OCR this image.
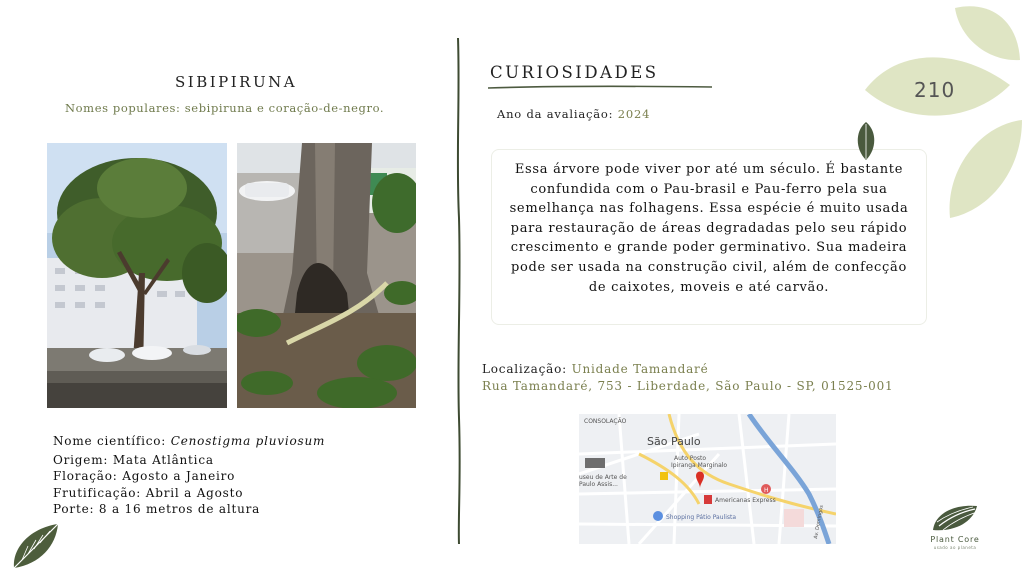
SIBIPIRUNA
Nomes populares: sebipiruna e coração-de-negro.
Nome científico: Cenostigma pluviosum
Origem: Mata Atlântica
Floração: Agosto a Janeiro
Frutificação: Abril a Agosto
Porte: 8 a 16 metros de altura
CURIOSIDADES
Ano da avaliação: 2024
Essa árvore pode viver por até um século. É bastante confundida com o Pau-brasil e Pau-ferro pela sua semelhança nas folhagens. Essa espécie é muito usada para restauração de áreas degradadas pelo seu rápido crescimento e grande poder germinativo. Sua madeira pode ser usada na construção civil, além de confecção de caixotes, moveis e até carvão.
Localização: Unidade Tamandaré
Rua Tamandaré, 753 - Liberdade, São Paulo - SP, 01525-001
H
CONSOLAÇÃO
São Paulo
Auto Posto
Ipiranga Marginalo
Americanas Express
Shopping Pátio Paulista
useu de Arte de
Paulo Assis...
Av. Domingos
210
Plant Core
usado ao planeta
